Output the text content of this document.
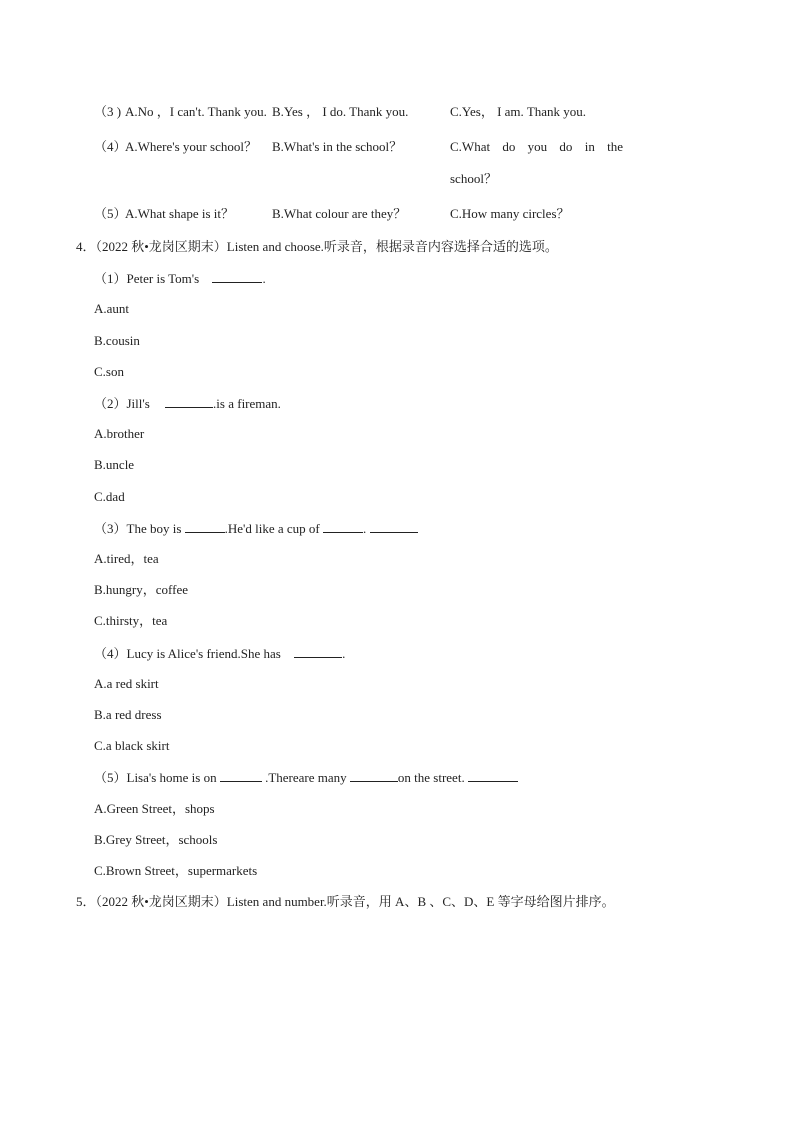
（3 ) A.No ，I can't. Thank you. B.Yes ， I do. Thank you.	C.Yes， I am. Thank you.
（4）
A.Where's your school？ B.What's in the school？	C.What do you do in the
school？
（5）
A.What shape is it？	B.What colour are they？	C.How many circles？
4．（2022 秋•龙岗区期末）Listen and choose.听录音，根据录音内容选择合适的选项。
（1）Peter is Tom's	.
A.aunt
B.cousin
C.son
（2）Jill's	.is a fireman.
A.brother
B.uncle
C.dad
（3）The boy is	.He'd like a cup of	.
A.tired，tea
B.hungry，coffee
C.thirsty，tea
（4）Lucy is Alice's friend.She has	.
A.a red skirt
B.a red dress
C.a black skirt
（5）Lisa's home is on	.Thereare many	on the street.
A.Green Street，shops
B.Grey Street，schools
C.Brown Street，supermarkets
5．（2022 秋•龙岗区期末）Listen and number.听录音，用 A、B 、C、D、E 等字母给图片排序。
